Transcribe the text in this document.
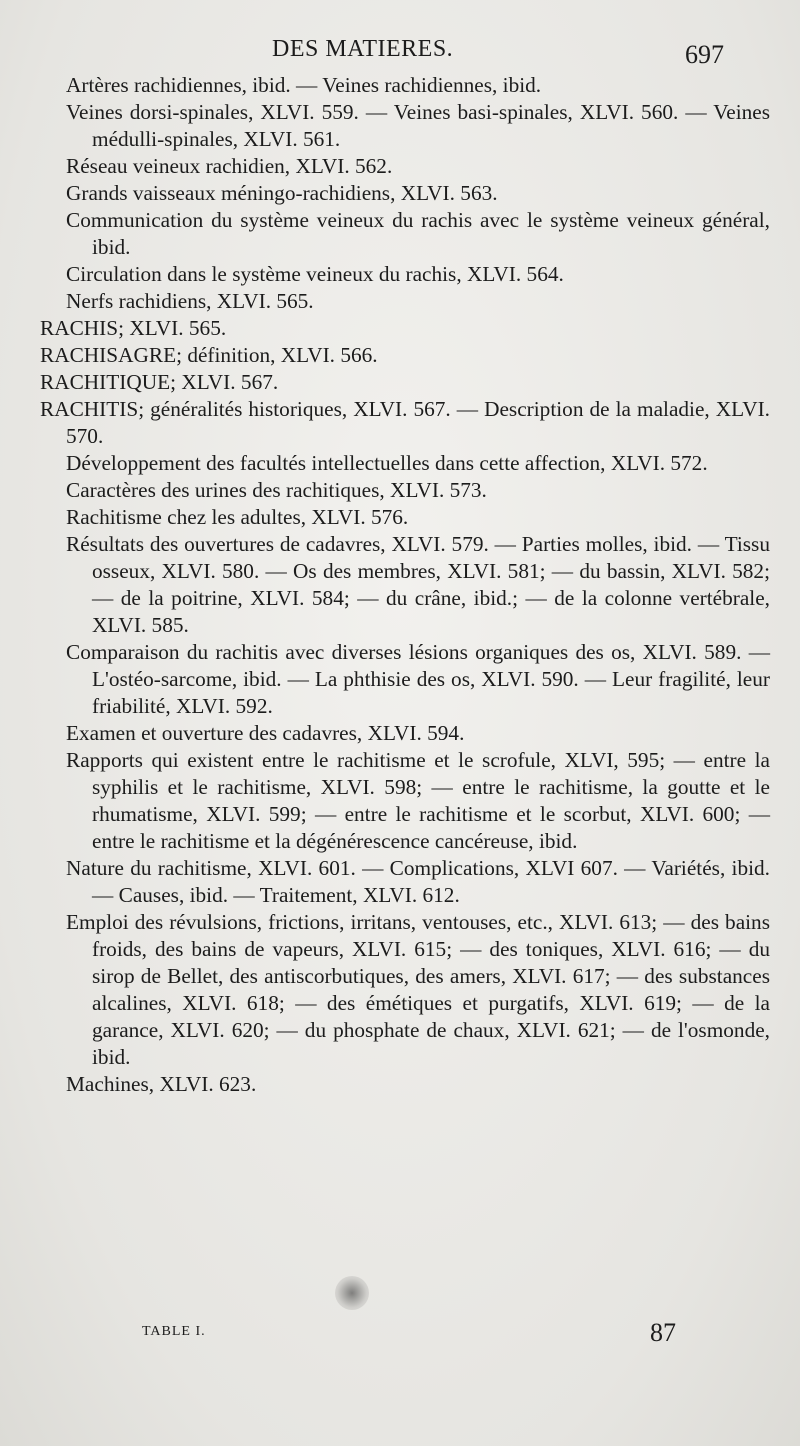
DES MATIERES.	697
Artères rachidiennes, ibid. — Veines rachidiennes, ibid.
Veines dorsi-spinales, XLVI. 559. — Veines basi-spinales, XLVI. 560. — Veines médulli-spinales, XLVI. 561.
Réseau veineux rachidien, XLVI. 562.
Grands vaisseaux méningo-rachidiens, XLVI. 563.
Communication du système veineux du rachis avec le système veineux général, ibid.
Circulation dans le système veineux du rachis, XLVI. 564.
Nerfs rachidiens, XLVI. 565.
RACHIS; XLVI. 565.
RACHISAGRE; définition, XLVI. 566.
RACHITIQUE; XLVI. 567.
RACHITIS; généralités historiques, XLVI. 567. — Description de la maladie, XLVI. 570.
Développement des facultés intellectuelles dans cette affection, XLVI. 572.
Caractères des urines des rachitiques, XLVI. 573.
Rachitisme chez les adultes, XLVI. 576.
Résultats des ouvertures de cadavres, XLVI. 579. — Parties molles, ibid. — Tissu osseux, XLVI. 580. — Os des membres, XLVI. 581; — du bassin, XLVI. 582; — de la poitrine, XLVI. 584; — du crâne, ibid.; — de la colonne vertébrale, XLVI. 585.
Comparaison du rachitis avec diverses lésions organiques des os, XLVI. 589. — L'ostéo-sarcome, ibid. — La phthisie des os, XLVI. 590. — Leur fragilité, leur friabilité, XLVI. 592.
Examen et ouverture des cadavres, XLVI. 594.
Rapports qui existent entre le rachitisme et le scrofule, XLVI, 595; — entre la syphilis et le rachitisme, XLVI. 598; — entre le rachitisme, la goutte et le rhumatisme, XLVI. 599; — entre le rachitisme et le scorbut, XLVI. 600; — entre le rachitisme et la dégénérescence cancéreuse, ibid.
Nature du rachitisme, XLVI. 601. — Complications, XLVI 607. — Variétés, ibid. — Causes, ibid. — Traitement, XLVI. 612.
Emploi des révulsions, frictions, irritans, ventouses, etc., XLVI. 613; — des bains froids, des bains de vapeurs, XLVI. 615; — des toniques, XLVI. 616; — du sirop de Bellet, des antiscorbutiques, des amers, XLVI. 617; — des substances alcalines, XLVI. 618; — des émétiques et purgatifs, XLVI. 619; — de la garance, XLVI. 620; — du phosphate de chaux, XLVI. 621; — de l'osmonde, ibid.
Machines, XLVI. 623.
TABLE I.	87
